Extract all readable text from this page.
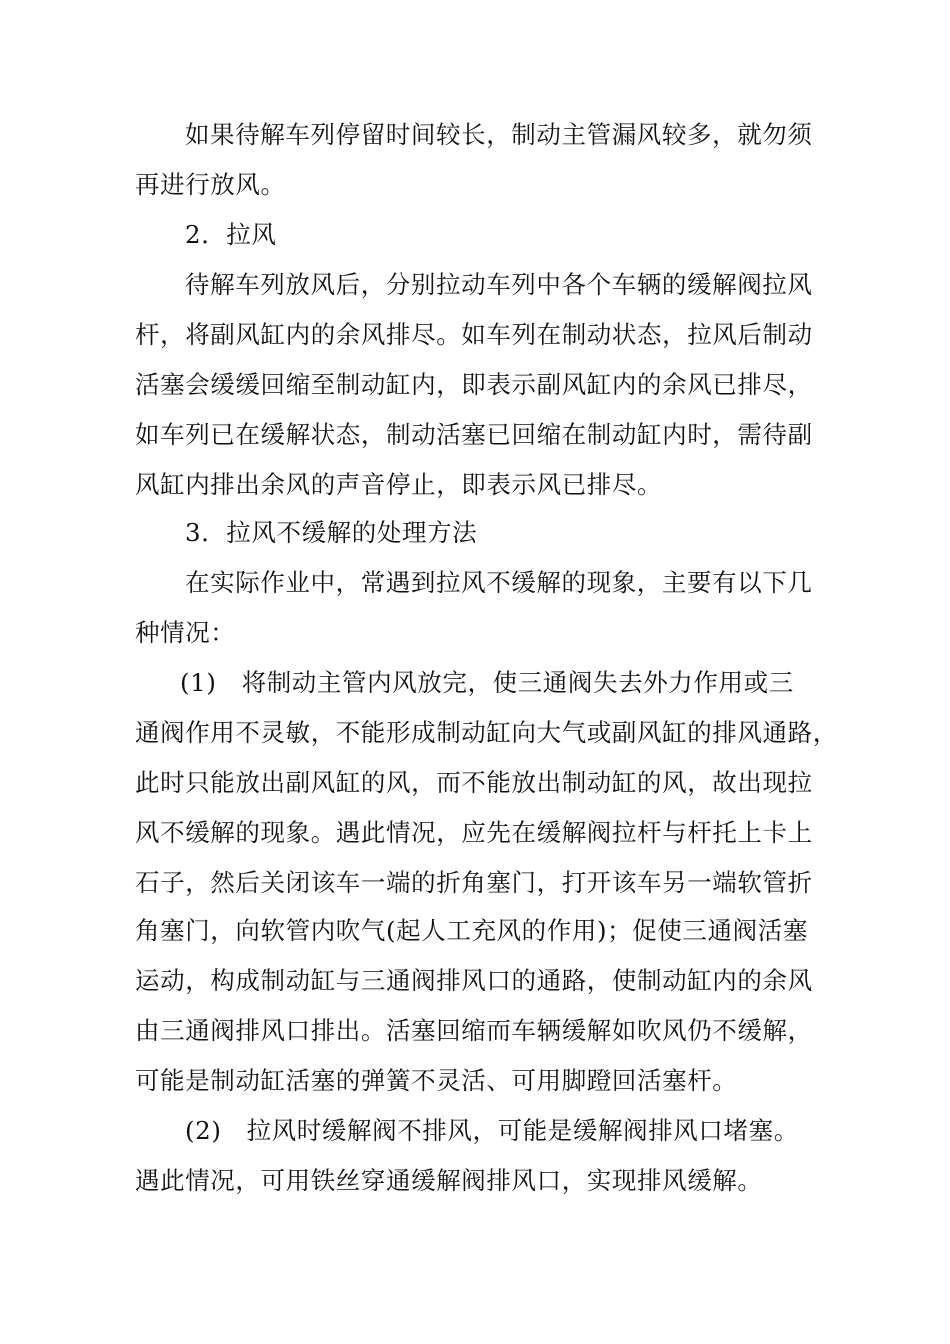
如果待解车列停留时间较长，制动主管漏风较多，就勿须
再进行放风。
2．拉风
待解车列放风后，分别拉动车列中各个车辆的缓解阀拉风
杆，将副风缸内的余风排尽。如车列在制动状态，拉风后制动
活塞会缓缓回缩至制动缸内，即表示副风缸内的余风已排尽，
如车列已在缓解状态，制动活塞已回缩在制动缸内时，需待副
风缸内排出余风的声音停止，即表示风已排尽。
3．拉风不缓解的处理方法
在实际作业中，常遇到拉风不缓解的现象，主要有以下几
种情况：
(1)　将制动主管内风放完，使三通阀失去外力作用或三
通阀作用不灵敏，不能形成制动缸向大气或副风缸的排风通路，
此时只能放出副风缸的风，而不能放出制动缸的风，故出现拉
风不缓解的现象。遇此情况，应先在缓解阀拉杆与杆托上卡上
石子，然后关闭该车一端的折角塞门，打开该车另一端软管折
角塞门，向软管内吹气(起人工充风的作用)；促使三通阀活塞
运动，构成制动缸与三通阀排风口的通路，使制动缸内的余风
由三通阀排风口排出。活塞回缩而车辆缓解如吹风仍不缓解，
可能是制动缸活塞的弹簧不灵活、可用脚蹬回活塞杆。
(2)　拉风时缓解阀不排风，可能是缓解阀排风口堵塞。
遇此情况，可用铁丝穿通缓解阀排风口，实现排风缓解。
